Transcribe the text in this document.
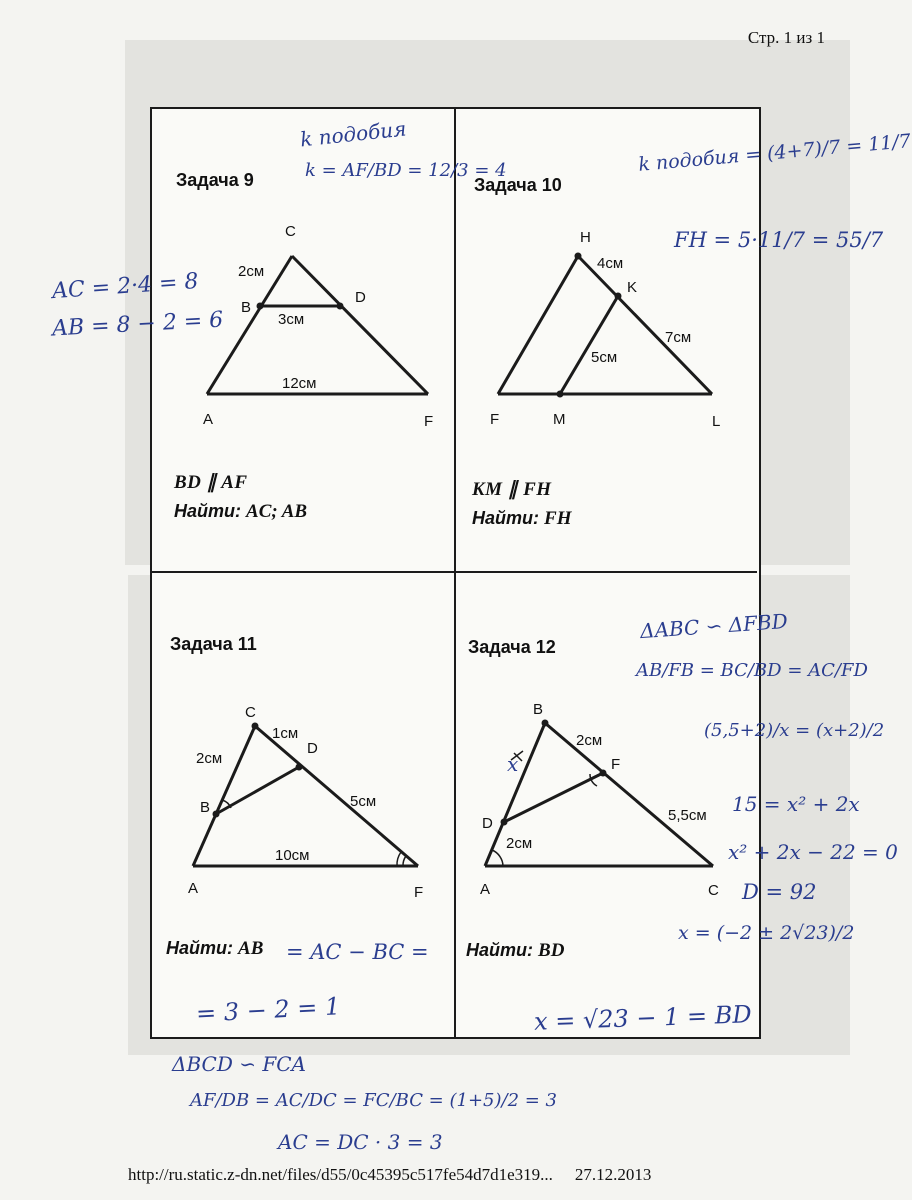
Стр. 1 из 1
Задача 9
C
B
D
A	F
2см
3см
12см
BD ∥ AF
Найти: AC; AB
Задача 10
H
K
F	M	L
4см
7см
5см
KM ∥ FH
Найти: FH
Задача 11
C
D
B
A	F
1см
2см
5см
10см
Найти: AB
Задача 12
B
F
D
A	C
2см
2см
5,5см
Найти: BD
k подобия
k = AF/BD = 12/3 = 4
AC = 2·4 = 8
AB = 8 − 2 = 6
k подобия = (4+7)/7 = 11/7
FH = 5·11/7 = 55/7
= AC − BC =
= 3 − 2 = 1
ΔBCD ∽ FCA
AF/DB = AC/DC = FC/BC = (1+5)/2 = 3
AC = DC · 3 = 3
ΔABC ∽ ΔFBD
AB/FB = BC/BD = AC/FD
(5,5+2)/x = (x+2)/2
15 = x² + 2x
x² + 2x − 22 = 0
D = 92
x = (−2 ± 2√23)/2
x = √23 − 1 = BD
x
http://ru.static.z-dn.net/files/d55/0c45395c517fe54d7d1e319... 27.12.2013
